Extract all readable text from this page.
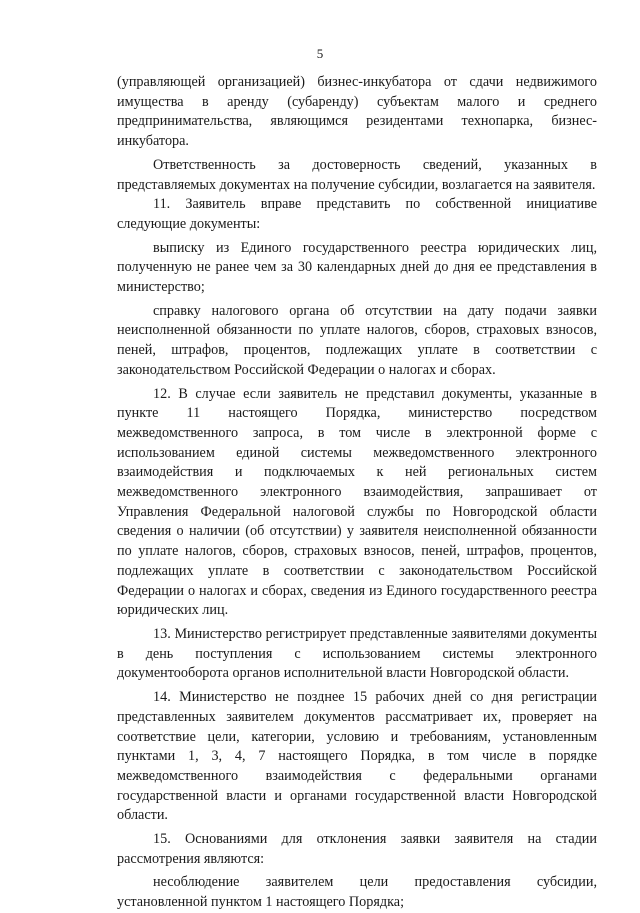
5

(управляющей организацией) бизнес-инкубатора от сдачи недвижимого имущества в аренду (субаренду) субъектам малого и среднего предпринимательства, являющимся резидентами технопарка, бизнес-инкубатора.

Ответственность за достоверность сведений, указанных в представляемых документах на получение субсидии, возлагается на заявителя.

11. Заявитель вправе представить по собственной инициативе следующие документы:

выписку из Единого государственного реестра юридических лиц, полученную не ранее чем за 30 календарных дней до дня ее представления в министерство;

справку налогового органа об отсутствии на дату подачи заявки неисполненной обязанности по уплате налогов, сборов, страховых взносов, пеней, штрафов, процентов, подлежащих уплате в соответствии с законодательством Российской Федерации о налогах и сборах.

12. В случае если заявитель не представил документы, указанные в пункте 11 настоящего Порядка, министерство посредством межведомственного запроса, в том числе в электронной форме с использованием единой системы межведомственного электронного взаимодействия и подключаемых к ней региональных систем межведомственного электронного взаимодействия, запрашивает от Управления Федеральной налоговой службы по Новгородской области сведения о наличии (об отсутствии) у заявителя неисполненной обязанности по уплате налогов, сборов, страховых взносов, пеней, штрафов, процентов, подлежащих уплате в соответствии с законодательством Российской Федерации о налогах и сборах, сведения из Единого государственного реестра юридических лиц.

13. Министерство регистрирует представленные заявителями документы в день поступления с использованием системы электронного документооборота органов исполнительной власти Новгородской области.

14. Министерство не позднее 15 рабочих дней со дня регистрации представленных заявителем документов рассматривает их, проверяет на соответствие цели, категории, условию и требованиям, установленным пунктами 1, 3, 4, 7 настоящего Порядка, в том числе в порядке межведомственного взаимодействия с федеральными органами государственной власти и органами государственной власти Новгородской области.

15. Основаниями для отклонения заявки заявителя на стадии рассмотрения являются:

несоблюдение заявителем цели предоставления субсидии, установленной пунктом 1 настоящего Порядка;
